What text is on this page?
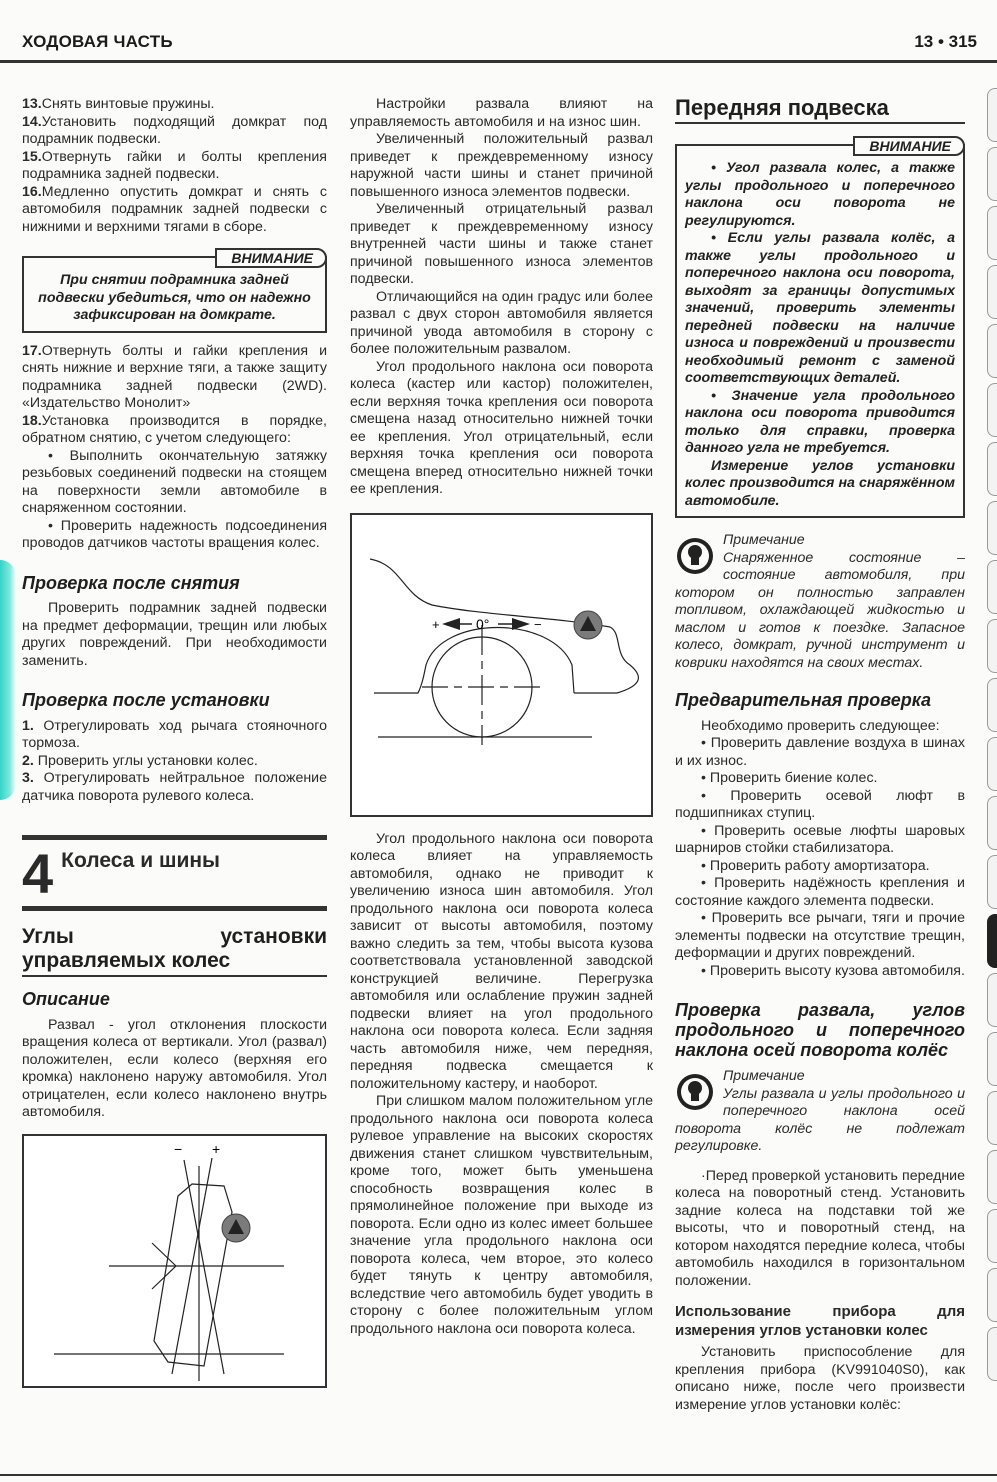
ХОДОВАЯ ЧАСТЬ	13 • 315

13.Снять винтовые пружины.

14.Установить подходящий домкрат под подрамник подвески.

15.Отвернуть гайки и болты крепления подрамника задней подвески.

16.Медленно опустить домкрат и снять с автомобиля подрамник задней подвески с нижними и верхними тягами в сборе.

ВНИМАНИЕ

При снятии подрамника задней подвески убедиться, что он надежно зафиксирован на домкрате.

17.Отвернуть болты и гайки крепления и снять нижние и верхние тяги, а также защиту подрамника задней подвески (2WD). «Издательство Монолит»

18.Установка производится в порядке, обратном снятию, с учетом следующего:

• Выполнить окончательную затяжку резьбовых соединений подвески на стоящем на поверхности земли автомобиле в снаряженном состоянии.

• Проверить надежность подсоединения проводов датчиков частоты вращения колес.

Проверка после снятия

Проверить подрамник задней подвески на предмет деформации, трещин или любых других повреждений. При необходимости заменить.

Проверка после установки

1. Отрегулировать ход рычага стояночного тормоза.

2. Проверить углы установки колес.

3. Отрегулировать нейтральное положение датчика поворота рулевого колеса.

4 Колеса и шины
Углы установки управляемых колес
Описание

Развал - угол отклонения плоскости вращения колеса от вертикали. Угол (развал) положителен, если колесо (верхняя его кромка) наклонено наружу автомобиля. Угол отрицателен, если колесо наклонено внутрь автомобиля.

− +

Настройки развала влияют на управляемость автомобиля и на износ шин.

Увеличенный положительный развал приведет к преждевременному износу наружной части шины и станет причиной повышенного износа элементов подвески.

Увеличенный отрицательный развал приведет к преждевременному износу внутренней части шины и также станет причиной повышенного износа элементов подвески.

Отличающийся на один градус или более развал с двух сторон автомобиля является причиной увода автомобиля в сторону с более положительным развалом.

Угол продольного наклона оси поворота колеса (кастер или кастор) положителен, если верхняя точка крепления оси поворота смещена назад относительно нижней точки ее крепления. Угол отрицательный, если верхняя точка крепления оси поворота смещена вперед относительно нижней точки ее крепления.

+	0°	−

Угол продольного наклона оси поворота колеса влияет на управляемость автомобиля, однако не приводит к увеличению износа шин автомобиля. Угол продольного наклона оси поворота колеса зависит от высоты автомобиля, поэтому важно следить за тем, чтобы высота кузова соответствовала установленной заводской конструкцией величине. Перегрузка автомобиля или ослабление пружин задней подвески влияет на угол продольного наклона оси поворота колеса. Если задняя часть автомобиля ниже, чем передняя, передняя подвеска смещается к положительному кастеру, и наоборот.

При слишком малом положительном угле продольного наклона оси поворота колеса рулевое управление на высоких скоростях движения станет слишком чувствительным, кроме того, может быть уменьшена способность возвращения колес в прямолинейное положение при выходе из поворота. Если одно из колес имеет большее значение угла продольного наклона оси поворота колеса, чем второе, это колесо будет тянуть к центру автомобиля, вследствие чего автомобиль будет уводить в сторону с более положительным углом продольного наклона оси поворота колеса.

Передняя подвеска
ВНИМАНИЕ

• Угол развала колес, а также углы продольного и поперечного наклона оси поворота не регулируются.

• Если углы развала колёс, а также углы продольного и поперечного наклона оси поворота, выходят за границы допустимых значений, проверить элементы передней подвески на наличие износа и повреждений и произвести необходимый ремонт с заменой соответствующих деталей.

• Значение угла продольного наклона оси поворота приводится только для справки, проверка данного угла не требуется.

Измерение углов установки колес производится на снаряжённом автомобиле.

Примечание

Снаряженное состояние – состояние автомобиля, при котором он полностью заправлен топливом, охлаждающей жидкостью и маслом и готов к поездке. Запасное колесо, домкрат, ручной инструмент и коврики находятся на своих местах.

Предварительная проверка

Необходимо проверить следующее:

• Проверить давление воздуха в шинах и их износ.

• Проверить биение колес.

• Проверить осевой люфт в подшипниках ступиц.

• Проверить осевые люфты шаровых шарниров стойки стабилизатора.

• Проверить работу амортизатора.

• Проверить надёжность крепления и состояние каждого элемента подвески.

• Проверить все рычаги, тяги и прочие элементы подвески на отсутствие трещин, деформации и других повреждений.

• Проверить высоту кузова автомобиля.

Проверка развала, углов продольного и поперечного наклона осей поворота колёс

Примечание

Углы развала и углы продольного и поперечного наклона осей поворота колёс не подлежат регулировке.

·Перед проверкой установить передние колеса на поворотный стенд. Установить задние колеса на подставки той же высоты, что и поворотный стенд, на котором находятся передние колеса, чтобы автомобиль находился в горизонтальном положении.

Использование прибора для измерения углов установки колес

Установить приспособление для крепления прибора (KV991040S0), как описано ниже, после чего произвести измерение углов установки колёс:
